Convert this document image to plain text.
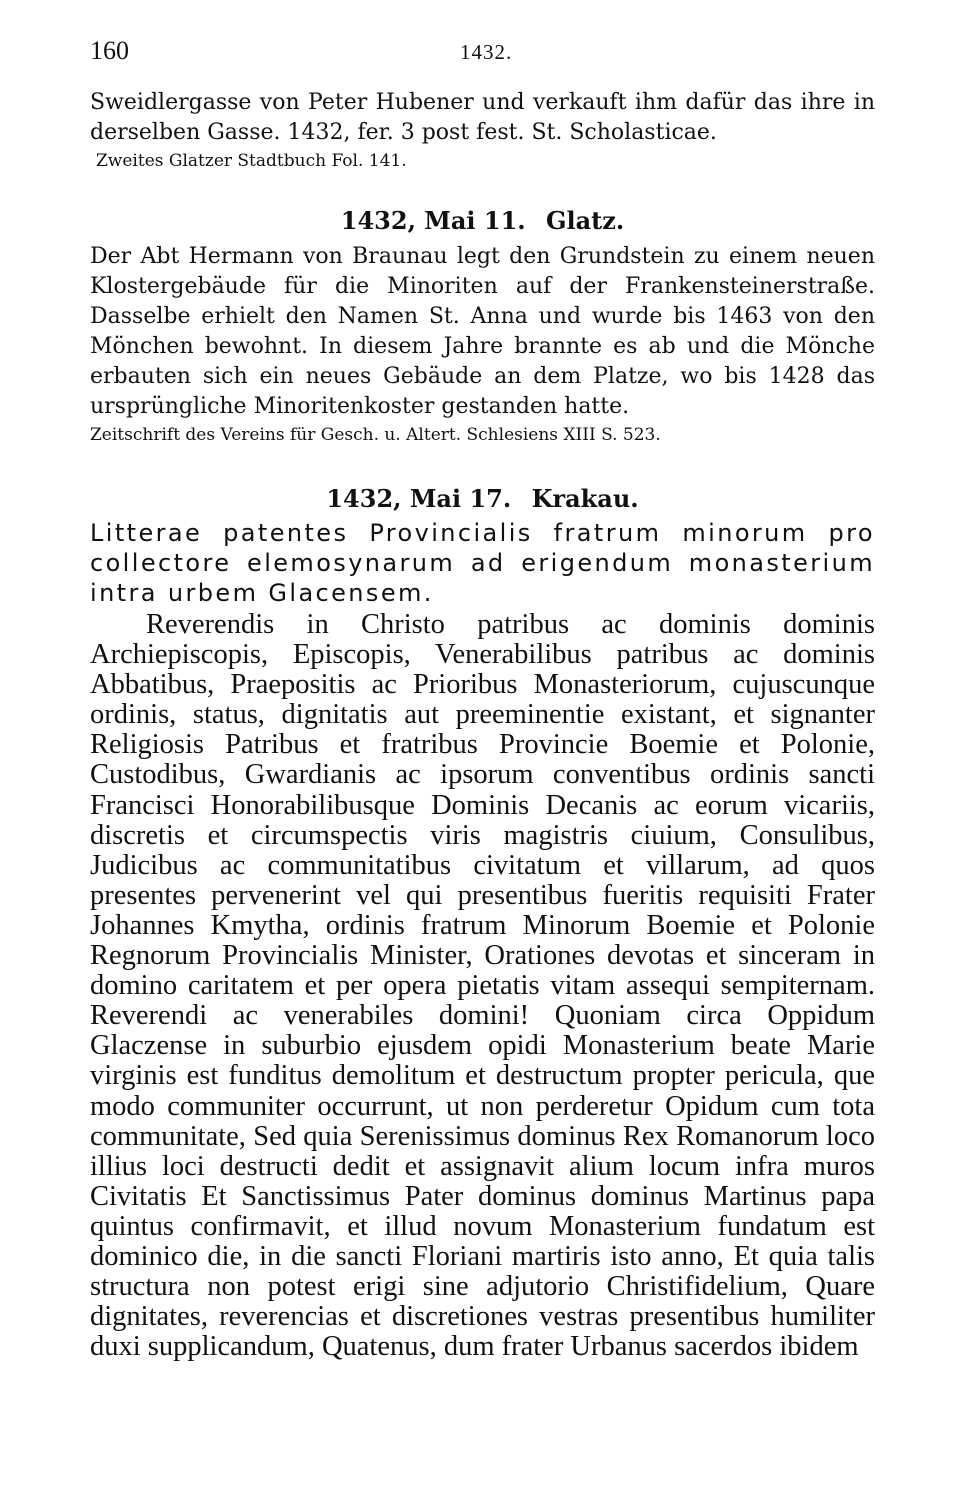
160	1432.

Sweidlergasse von Peter Hubener und verkauft ihm dafür das ihre in derselben Gasse. 1432, fer. 3 post fest. St. Scholasticae.

Zweites Glatzer Stadtbuch Fol. 141.

1432, Mai 11. Glatz.

Der Abt Hermann von Braunau legt den Grundstein zu einem neuen Klostergebäude für die Minoriten auf der Frankensteinerstraße. Dasselbe erhielt den Namen St. Anna und wurde bis 1463 von den Mönchen bewohnt. In diesem Jahre brannte es ab und die Mönche erbauten sich ein neues Gebäude an dem Platze, wo bis 1428 das ursprüngliche Minoritenkoster gestanden hatte.

Zeitschrift des Vereins für Gesch. u. Altert. Schlesiens XIII S. 523.

1432, Mai 17. Krakau.

Litterae patentes Provincialis fratrum minorum pro collectore elemosynarum ad erigendum monasterium intra urbem Glacensem.

Reverendis in Christo patribus ac dominis dominis Archiepiscopis, Episcopis, Venerabilibus patribus ac dominis Abbatibus, Praepositis ac Prioribus Monasteriorum, cujuscunque ordinis, status, dignitatis aut preeminentie existant, et signanter Religiosis Patribus et fratribus Provincie Boemie et Polonie, Custodibus, Gwardianis ac ipsorum conventibus ordinis sancti Francisci Honorabilibusque Dominis Decanis ac eorum vicariis, discretis et circumspectis viris magistris ciuium, Consulibus, Judicibus ac communitatibus civitatum et villarum, ad quos presentes pervenerint vel qui presentibus fueritis requisiti Frater Johannes Kmytha, ordinis fratrum Minorum Boemie et Polonie Regnorum Provincialis Minister, Orationes devotas et sinceram in domino caritatem et per opera pietatis vitam assequi sempiternam. Reverendi ac venerabiles domini! Quoniam circa Oppidum Glaczense in suburbio ejusdem opidi Monasterium beate Marie virginis est funditus demolitum et destructum propter pericula, que modo communiter occurrunt, ut non perderetur Opidum cum tota communitate, Sed quia Serenissimus dominus Rex Romanorum loco illius loci destructi dedit et assignavit alium locum infra muros Civitatis Et Sanctissimus Pater dominus dominus Martinus papa quintus confirmavit, et illud novum Monasterium fundatum est dominico die, in die sancti Floriani martiris isto anno, Et quia talis structura non potest erigi sine adjutorio Christifidelium, Quare dignitates, reverencias et discretiones vestras presentibus humiliter duxi supplicandum, Quatenus, dum frater Urbanus sacerdos ibidem
